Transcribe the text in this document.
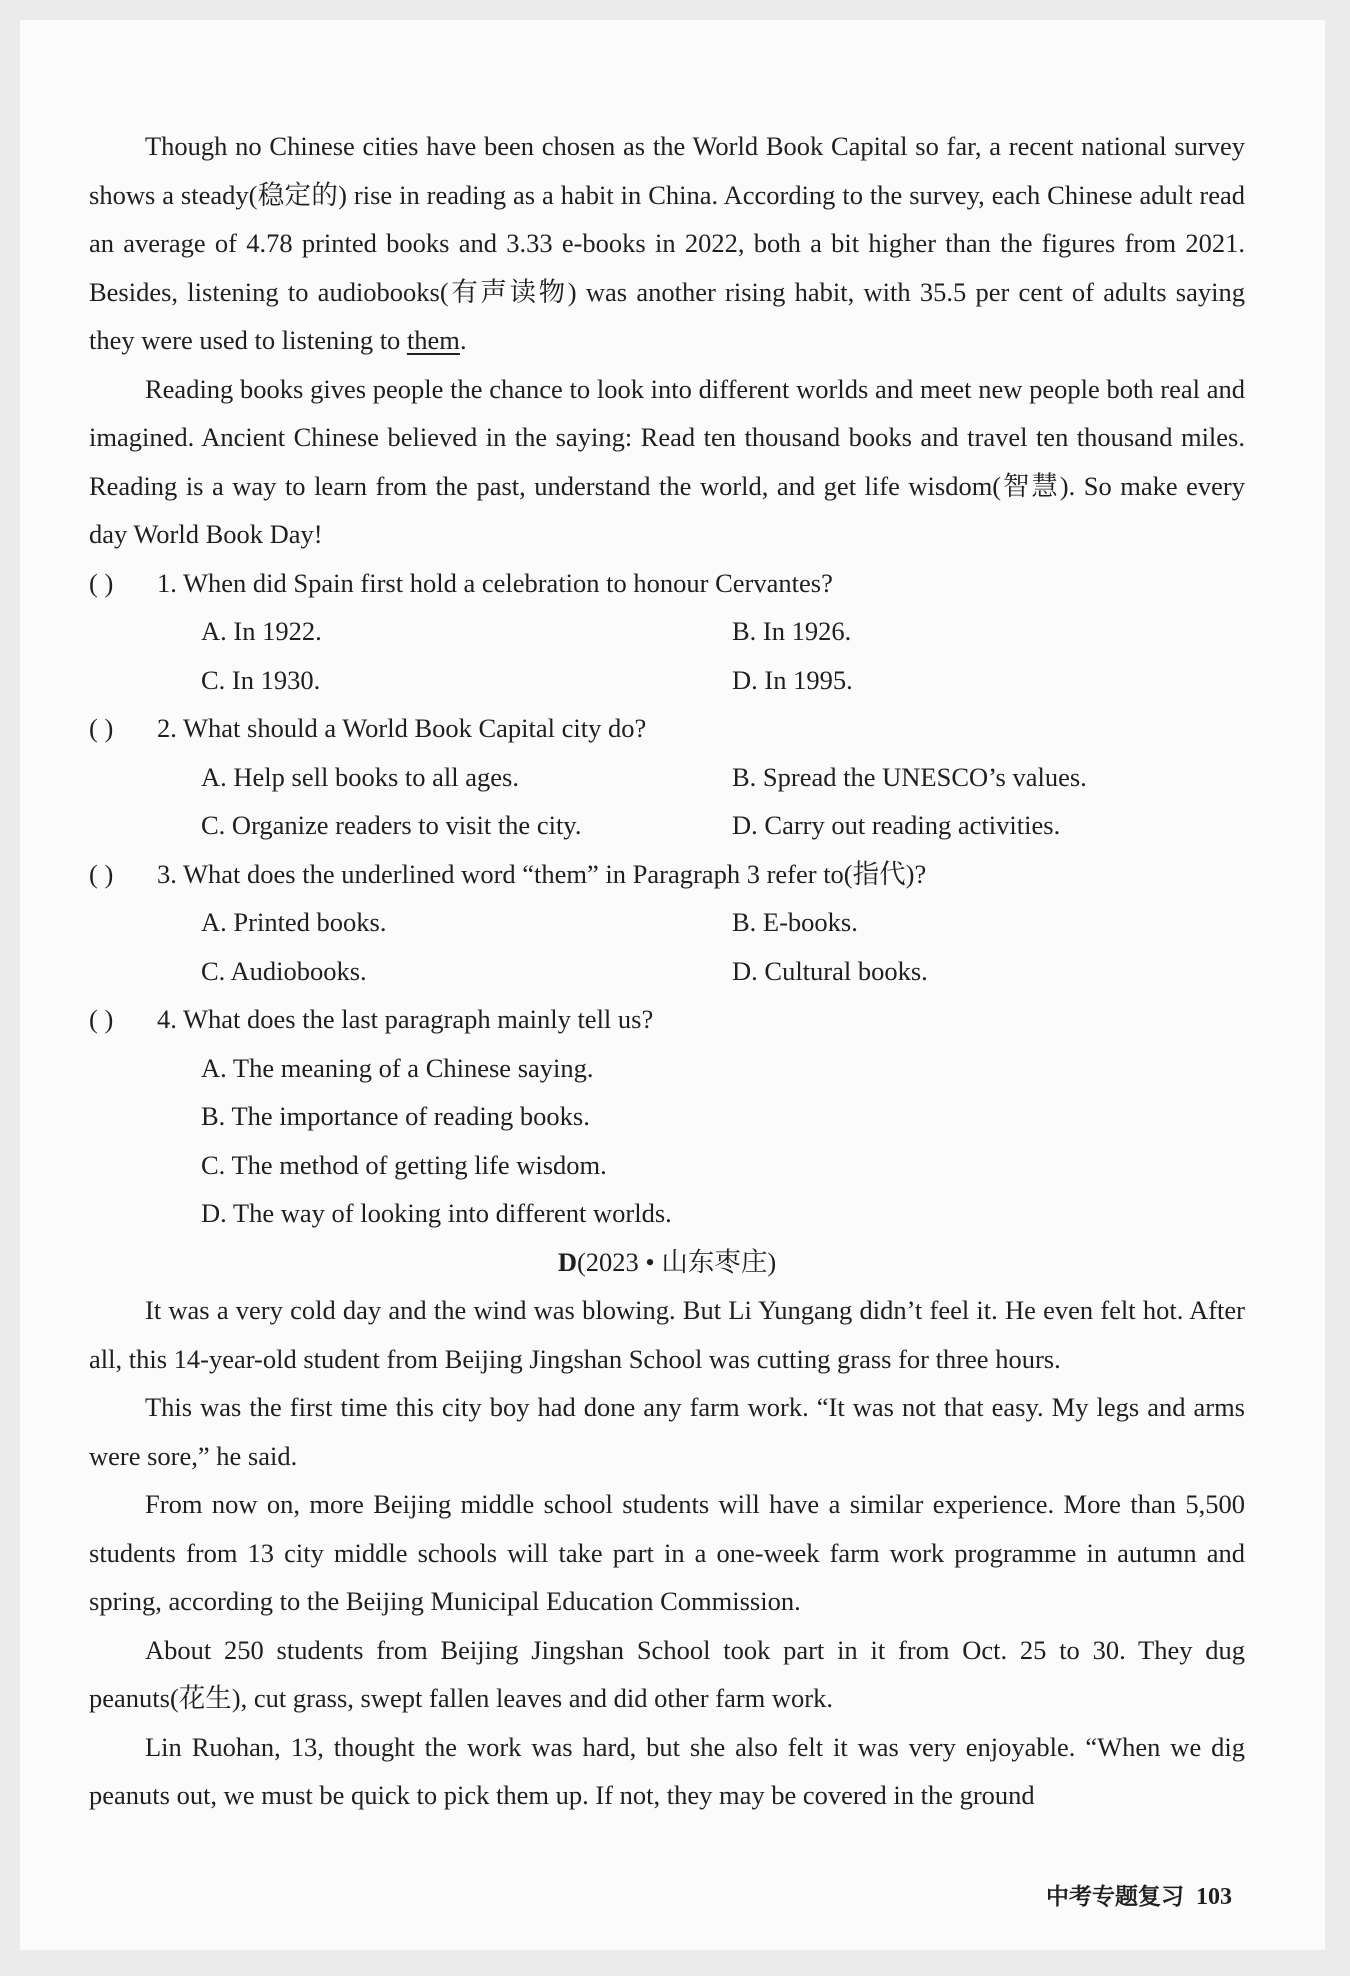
Though no Chinese cities have been chosen as the World Book Capital so far, a recent national survey shows a steady(稳定的) rise in reading as a habit in China. According to the survey, each Chinese adult read an average of 4.78 printed books and 3.33 e-books in 2022, both a bit higher than the figures from 2021. Besides, listening to audiobooks(有声读物) was another rising habit, with 35.5 per cent of adults saying they were used to listening to them.

Reading books gives people the chance to look into different worlds and meet new people both real and imagined. Ancient Chinese believed in the saying: Read ten thousand books and travel ten thousand miles. Reading is a way to learn from the past, understand the world, and get life wisdom(智慧). So make every day World Book Day!

( ) 1. When did Spain first hold a celebration to honour Cervantes?
A. In 1922.	B. In 1926.
C. In 1930.	D. In 1995.
( ) 2. What should a World Book Capital city do?
A. Help sell books to all ages.	B. Spread the UNESCO’s values.
C. Organize readers to visit the city.	D. Carry out reading activities.
( ) 3. What does the underlined word “them” in Paragraph 3 refer to(指代)?
A. Printed books.	B. E-books.
C. Audiobooks.	D. Cultural books.
( ) 4. What does the last paragraph mainly tell us?
A. The meaning of a Chinese saying.
B. The importance of reading books.
C. The method of getting life wisdom.
D. The way of looking into different worlds.
D(2023 • 山东枣庄)

It was a very cold day and the wind was blowing. But Li Yungang didn’t feel it. He even felt hot. After all, this 14-year-old student from Beijing Jingshan School was cutting grass for three hours.

This was the first time this city boy had done any farm work. “It was not that easy. My legs and arms were sore,” he said.

From now on, more Beijing middle school students will have a similar experience. More than 5,500 students from 13 city middle schools will take part in a one-week farm work programme in autumn and spring, according to the Beijing Municipal Education Commission.

About 250 students from Beijing Jingshan School took part in it from Oct. 25 to 30. They dug peanuts(花生), cut grass, swept fallen leaves and did other farm work.

Lin Ruohan, 13, thought the work was hard, but she also felt it was very enjoyable. “When we dig peanuts out, we must be quick to pick them up. If not, they may be covered in the ground

中考专题复习 103
